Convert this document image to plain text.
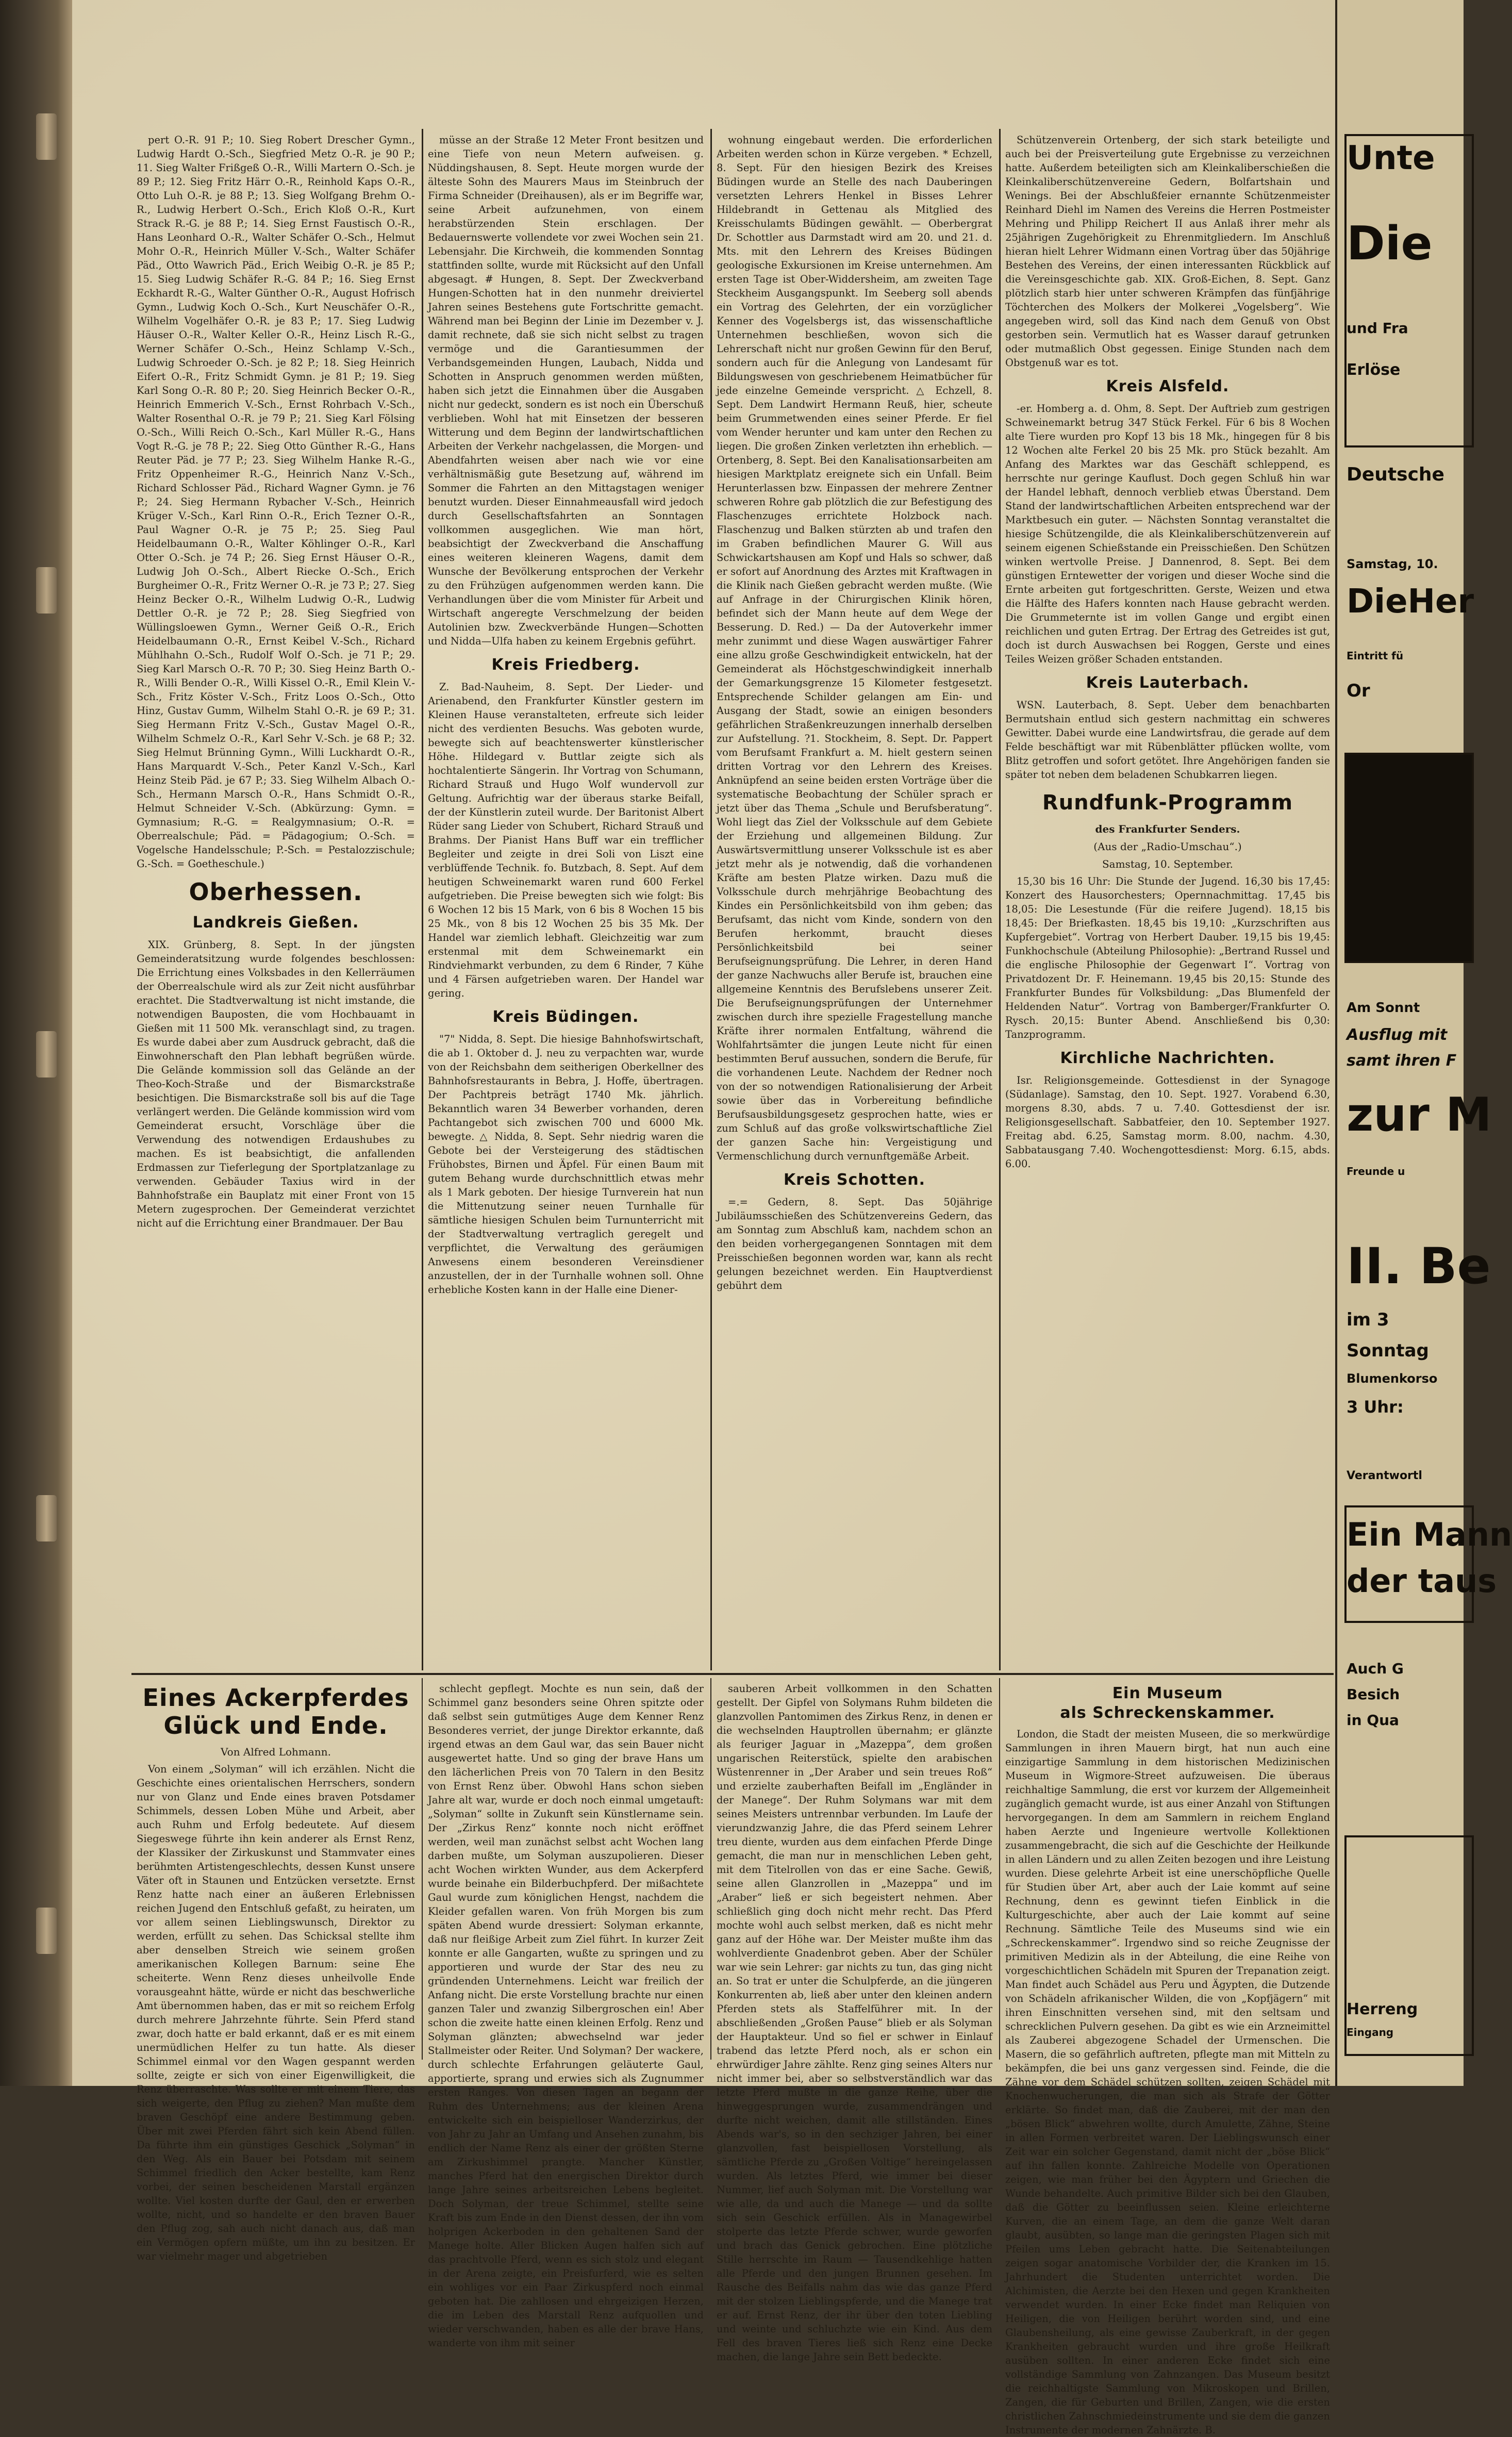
pert O.-R. 91 P.; 10. Sieg Robert Drescher Gymn., Ludwig Hardt O.-Sch., Siegfried Metz O.-R. je 90 P.; 11. Sieg Walter Frißgeß O.-R., Willi Martern O.-Sch. je 89 P.; 12. Sieg Fritz Härr O.-R., Reinhold Kaps O.-R., Otto Luh O.-R. je 88 P.; 13. Sieg Wolfgang Brehm O.-R., Ludwig Herbert O.-Sch., Erich Kloß O.-R., Kurt Strack R.-G. je 88 P.; 14. Sieg Ernst Faustisch O.-R., Hans Leonhard O.-R., Walter Schäfer O.-Sch., Helmut Mohr O.-R., Heinrich Müller V.-Sch., Walter Schäfer Päd., Otto Wawrich Päd., Erich Weibig O.-R. je 85 P.; 15. Sieg Ludwig Schäfer R.-G. 84 P.; 16. Sieg Ernst Eckhardt R.-G., Walter Günther O.-R., August Hofrisch Gymn., Ludwig Koch O.-Sch., Kurt Neuschäfer O.-R., Wilhelm Vogelhäfer O.-R. je 83 P.; 17. Sieg Ludwig Häuser O.-R., Walter Keller O.-R., Heinz Lisch R.-G., Werner Schäfer O.-Sch., Heinz Schlamp V.-Sch., Ludwig Schroeder O.-Sch. je 82 P.; 18. Sieg Heinrich Eifert O.-R., Fritz Schmidt Gymn. je 81 P.; 19. Sieg Karl Song O.-R. 80 P.; 20. Sieg Heinrich Becker O.-R., Heinrich Emmerich V.-Sch., Ernst Rohrbach V.-Sch., Walter Rosenthal O.-R. je 79 P.; 21. Sieg Karl Fölsing O.-Sch., Willi Reich O.-Sch., Karl Müller R.-G., Hans Vogt R.-G. je 78 P.; 22. Sieg Otto Günther R.-G., Hans Reuter Päd. je 77 P.; 23. Sieg Wilhelm Hanke R.-G., Fritz Oppenheimer R.-G., Heinrich Nanz V.-Sch., Richard Schlosser Päd., Richard Wagner Gymn. je 76 P.; 24. Sieg Hermann Rybacher V.-Sch., Heinrich Krüger V.-Sch., Karl Rinn O.-R., Erich Tezner O.-R., Paul Wagner O.-R. je 75 P.; 25. Sieg Paul Heidelbaumann O.-R., Walter Köhlinger O.-R., Karl Otter O.-Sch. je 74 P.; 26. Sieg Ernst Häuser O.-R., Ludwig Joh O.-Sch., Albert Riecke O.-Sch., Erich Burgheimer O.-R., Fritz Werner O.-R. je 73 P.; 27. Sieg Heinz Becker O.-R., Wilhelm Ludwig O.-R., Ludwig Dettler O.-R. je 72 P.; 28. Sieg Siegfried von Wüllingsloewen Gymn., Werner Geiß O.-R., Erich Heidelbaumann O.-R., Ernst Keibel V.-Sch., Richard Mühlhahn O.-Sch., Rudolf Wolf O.-Sch. je 71 P.; 29. Sieg Karl Marsch O.-R. 70 P.; 30. Sieg Heinz Barth O.-R., Willi Bender O.-R., Willi Kissel O.-R., Emil Klein V.-Sch., Fritz Köster V.-Sch., Fritz Loos O.-Sch., Otto Hinz, Gustav Gumm, Wilhelm Stahl O.-R. je 69 P.; 31. Sieg Hermann Fritz V.-Sch., Gustav Magel O.-R., Wilhelm Schmelz O.-R., Karl Sehr V.-Sch. je 68 P.; 32. Sieg Helmut Brünning Gymn., Willi Luckhardt O.-R., Hans Marquardt V.-Sch., Peter Kanzl V.-Sch., Karl Heinz Steib Päd. je 67 P.; 33. Sieg Wilhelm Albach O.-Sch., Hermann Marsch O.-R., Hans Schmidt O.-R., Helmut Schneider V.-Sch. (Abkürzung: Gymn. = Gymnasium; R.-G. = Realgymnasium; O.-R. = Oberrealschule; Päd. = Pädagogium; O.-Sch. = Vogelsche Handelsschule; P.-Sch. = Pestalozzischule; G.-Sch. = Goetheschule.)

Oberhessen.
Landkreis Gießen.

XIX. Grünberg, 8. Sept. In der jüngsten Gemeinderatsitzung wurde folgendes beschlossen: Die Errichtung eines Volksbades in den Kellerräumen der Oberrealschule wird als zur Zeit nicht ausführbar erachtet. Die Stadtverwaltung ist nicht imstande, die notwendigen Bauposten, die vom Hochbauamt in Gießen mit 11 500 Mk. veranschlagt sind, zu tragen. Es wurde dabei aber zum Ausdruck gebracht, daß die Einwohnerschaft den Plan lebhaft begrüßen würde. Die Gelände kommission soll das Gelände an der Theo-Koch-Straße und der Bismarckstraße besichtigen. Die Bismarckstraße soll bis auf die Tage verlängert werden. Die Gelände kommission wird vom Gemeinderat ersucht, Vorschläge über die Verwendung des notwendigen Erdaushubes zu machen. Es ist beabsichtigt, die anfallenden Erdmassen zur Tieferlegung der Sportplatzanlage zu verwenden. Gebäuder Taxius wird in der Bahnhofstraße ein Bauplatz mit einer Front von 15 Metern zugesprochen. Der Gemeinderat verzichtet nicht auf die Errichtung einer Brandmauer. Der Bau

müsse an der Straße 12 Meter Front besitzen und eine Tiefe von neun Metern aufweisen. g. Nüddingshausen, 8. Sept. Heute morgen wurde der älteste Sohn des Maurers Maus im Steinbruch der Firma Schneider (Dreihausen), als er im Begriffe war, seine Arbeit aufzunehmen, von einem herabstürzenden Stein erschlagen. Der Bedauernswerte vollendete vor zwei Wochen sein 21. Lebensjahr. Die Kirchweih, die kommenden Sonntag stattfinden sollte, wurde mit Rücksicht auf den Unfall abgesagt. # Hungen, 8. Sept. Der Zweckverband Hungen-Schotten hat in den nunmehr dreiviertel Jahren seines Bestehens gute Fortschritte gemacht. Während man bei Beginn der Linie im Dezember v. J. damit rechnete, daß sie sich nicht selbst zu tragen vermöge und die Garantiesummen der Verbandsgemeinden Hungen, Laubach, Nidda und Schotten in Anspruch genommen werden müßten, haben sich jetzt die Einnahmen über die Ausgaben nicht nur gedeckt, sondern es ist noch ein Überschuß verblieben. Wohl hat mit Einsetzen der besseren Witterung und dem Beginn der landwirtschaftlichen Arbeiten der Verkehr nachgelassen, die Morgen- und Abendfahrten weisen aber nach wie vor eine verhältnismäßig gute Besetzung auf, während im Sommer die Fahrten an den Mittagstagen weniger benutzt wurden. Dieser Einnahmeausfall wird jedoch durch Gesellschaftsfahrten an Sonntagen vollkommen ausgeglichen. Wie man hört, beabsichtigt der Zweckverband die Anschaffung eines weiteren kleineren Wagens, damit dem Wunsche der Bevölkerung entsprochen der Verkehr zu den Frühzügen aufgenommen werden kann. Die Verhandlungen über die vom Minister für Arbeit und Wirtschaft angeregte Verschmelzung der beiden Autolinien bzw. Zweckverbände Hungen—Schotten und Nidda—Ulfa haben zu keinem Ergebnis geführt.

Kreis Friedberg.

Z. Bad-Nauheim, 8. Sept. Der Lieder- und Arienabend, den Frankfurter Künstler gestern im Kleinen Hause veranstalteten, erfreute sich leider nicht des verdienten Besuchs. Was geboten wurde, bewegte sich auf beachtenswerter künstlerischer Höhe. Hildegard v. Buttlar zeigte sich als hochtalentierte Sängerin. Ihr Vortrag von Schumann, Richard Strauß und Hugo Wolf wundervoll zur Geltung. Aufrichtig war der überaus starke Beifall, der der Künstlerin zuteil wurde. Der Baritonist Albert Rüder sang Lieder von Schubert, Richard Strauß und Brahms. Der Pianist Hans Buff war ein trefflicher Begleiter und zeigte in drei Soli von Liszt eine verblüffende Technik. fo. Butzbach, 8. Sept. Auf dem heutigen Schweinemarkt waren rund 600 Ferkel aufgetrieben. Die Preise bewegten sich wie folgt: Bis 6 Wochen 12 bis 15 Mark, von 6 bis 8 Wochen 15 bis 25 Mk., von 8 bis 12 Wochen 25 bis 35 Mk. Der Handel war ziemlich lebhaft. Gleichzeitig war zum erstenmal mit dem Schweinemarkt ein Rindviehmarkt verbunden, zu dem 6 Rinder, 7 Kühe und 4 Färsen aufgetrieben waren. Der Handel war gering.

Kreis Büdingen.

"7" Nidda, 8. Sept. Die hiesige Bahnhofswirtschaft, die ab 1. Oktober d. J. neu zu verpachten war, wurde von der Reichsbahn dem seitherigen Oberkellner des Bahnhofsrestaurants in Bebra, J. Hoffe, übertragen. Der Pachtpreis beträgt 1740 Mk. jährlich. Bekanntlich waren 34 Bewerber vorhanden, deren Pachtangebot sich zwischen 700 und 6000 Mk. bewegte. △ Nidda, 8. Sept. Sehr niedrig waren die Gebote bei der Versteigerung des städtischen Frühobstes, Birnen und Äpfel. Für einen Baum mit gutem Behang wurde durchschnittlich etwas mehr als 1 Mark geboten. Der hiesige Turnverein hat nun die Mittenutzung seiner neuen Turnhalle für sämtliche hiesigen Schulen beim Turnunterricht mit der Stadtverwaltung vertraglich geregelt und verpflichtet, die Verwaltung des geräumigen Anwesens einem besonderen Vereinsdiener anzustellen, der in der Turnhalle wohnen soll. Ohne erhebliche Kosten kann in der Halle eine Diener-

wohnung eingebaut werden. Die erforderlichen Arbeiten werden schon in Kürze vergeben. * Echzell, 8. Sept. Für den hiesigen Bezirk des Kreises Büdingen wurde an Stelle des nach Dauberingen versetzten Lehrers Henkel in Bisses Lehrer Hildebrandt in Gettenau als Mitglied des Kreisschulamts Büdingen gewählt. — Oberbergrat Dr. Schottler aus Darmstadt wird am 20. und 21. d. Mts. mit den Lehrern des Kreises Büdingen geologische Exkursionen im Kreise unternehmen. Am ersten Tage ist Ober-Widdersheim, am zweiten Tage Steckheim Ausgangspunkt. Im Seeberg soll abends ein Vortrag des Gelehrten, der ein vorzüglicher Kenner des Vogelsbergs ist, das wissenschaftliche Unternehmen beschließen, wovon sich die Lehrerschaft nicht nur großen Gewinn für den Beruf, sondern auch für die Anlegung von Landesamt für Bildungswesen von geschriebenem Heimatbücher für jede einzelne Gemeinde verspricht. △ Echzell, 8. Sept. Dem Landwirt Hermann Reuß, hier, scheute beim Grummetwenden eines seiner Pferde. Er fiel vom Wender herunter und kam unter den Rechen zu liegen. Die großen Zinken verletzten ihn erheblich. — Ortenberg, 8. Sept. Bei den Kanalisationsarbeiten am hiesigen Marktplatz ereignete sich ein Unfall. Beim Herunterlassen bzw. Einpassen der mehrere Zentner schweren Rohre gab plötzlich die zur Befestigung des Flaschenzuges errichtete Holzbock nach. Flaschenzug und Balken stürzten ab und trafen den im Graben befindlichen Maurer G. Will aus Schwickartshausen am Kopf und Hals so schwer, daß er sofort auf Anordnung des Arztes mit Kraftwagen in die Klinik nach Gießen gebracht werden mußte. (Wie auf Anfrage in der Chirurgischen Klinik hören, befindet sich der Mann heute auf dem Wege der Besserung. D. Red.) — Da der Autoverkehr immer mehr zunimmt und diese Wagen auswärtiger Fahrer eine allzu große Geschwindigkeit entwickeln, hat der Gemeinderat als Höchstgeschwindigkeit innerhalb der Gemarkungsgrenze 15 Kilometer festgesetzt. Entsprechende Schilder gelangen am Ein- und Ausgang der Stadt, sowie an einigen besonders gefährlichen Straßenkreuzungen innerhalb derselben zur Aufstellung. ?1. Stockheim, 8. Sept. Dr. Pappert vom Berufsamt Frankfurt a. M. hielt gestern seinen dritten Vortrag vor den Lehrern des Kreises. Anknüpfend an seine beiden ersten Vorträge über die systematische Beobachtung der Schüler sprach er jetzt über das Thema „Schule und Berufsberatung“. Wohl liegt das Ziel der Volksschule auf dem Gebiete der Erziehung und allgemeinen Bildung. Zur Auswärtsvermittlung unserer Volksschule ist es aber jetzt mehr als je notwendig, daß die vorhandenen Kräfte am besten Platze wirken. Dazu muß die Volksschule durch mehrjährige Beobachtung des Kindes ein Persönlichkeitsbild von ihm geben; das Berufsamt, das nicht vom Kinde, sondern von den Berufen herkommt, braucht dieses Persönlichkeitsbild bei seiner Berufseignungsprüfung. Die Lehrer, in deren Hand der ganze Nachwuchs aller Berufe ist, brauchen eine allgemeine Kenntnis des Berufslebens unserer Zeit. Die Berufseignungsprüfungen der Unternehmer zwischen durch ihre spezielle Fragestellung manche Kräfte ihrer normalen Entfaltung, während die Wohlfahrtsämter die jungen Leute nicht für einen bestimmten Beruf aussuchen, sondern die Berufe, für die vorhandenen Leute. Nachdem der Redner noch von der so notwendigen Rationalisierung der Arbeit sowie über das in Vorbereitung befindliche Berufsausbildungsgesetz gesprochen hatte, wies er zum Schluß auf das große volkswirtschaftliche Ziel der ganzen Sache hin: Vergeistigung und Vermenschlichung durch vernunftgemäße Arbeit.

Kreis Schotten.

=.= Gedern, 8. Sept. Das 50jährige Jubiläumsschießen des Schützenvereins Gedern, das am Sonntag zum Abschluß kam, nachdem schon an den beiden vorhergegangenen Sonntagen mit dem Preisschießen begonnen worden war, kann als recht gelungen bezeichnet werden. Ein Hauptverdienst gebührt dem

Schützenverein Ortenberg, der sich stark beteiligte und auch bei der Preisverteilung gute Ergebnisse zu verzeichnen hatte. Außerdem beteiligten sich am Kleinkaliberschießen die Kleinkaliberschützenvereine Gedern, Bolfartshain und Wenings. Bei der Abschlußfeier ernannte Schützenmeister Reinhard Diehl im Namen des Vereins die Herren Postmeister Mehring und Philipp Reichert II aus Anlaß ihrer mehr als 25jährigen Zugehörigkeit zu Ehrenmitgliedern. Im Anschluß hieran hielt Lehrer Widmann einen Vortrag über das 50jährige Bestehen des Vereins, der einen interessanten Rückblick auf die Vereinsgeschichte gab. XIX. Groß-Eichen, 8. Sept. Ganz plötzlich starb hier unter schweren Krämpfen das fünfjährige Töchterchen des Molkers der Molkerei „Vogelsberg“. Wie angegeben wird, soll das Kind nach dem Genuß von Obst gestorben sein. Vermutlich hat es Wasser darauf getrunken oder mutmaßlich Obst gegessen. Einige Stunden nach dem Obstgenuß war es tot.

Kreis Alsfeld.

-er. Homberg a. d. Ohm, 8. Sept. Der Auftrieb zum gestrigen Schweinemarkt betrug 347 Stück Ferkel. Für 6 bis 8 Wochen alte Tiere wurden pro Kopf 13 bis 18 Mk., hingegen für 8 bis 12 Wochen alte Ferkel 20 bis 25 Mk. pro Stück bezahlt. Am Anfang des Marktes war das Geschäft schleppend, es herrschte nur geringe Kauflust. Doch gegen Schluß hin war der Handel lebhaft, dennoch verblieb etwas Überstand. Dem Stand der landwirtschaftlichen Arbeiten entsprechend war der Marktbesuch ein guter. — Nächsten Sonntag veranstaltet die hiesige Schützengilde, die als Kleinkaliberschützenverein auf seinem eigenen Schießstande ein Preisschießen. Den Schützen winken wertvolle Preise. J Dannenrod, 8. Sept. Bei dem günstigen Erntewetter der vorigen und dieser Woche sind die Ernte arbeiten gut fortgeschritten. Gerste, Weizen und etwa die Hälfte des Hafers konnten nach Hause gebracht werden. Die Grummeternte ist im vollen Gange und ergibt einen reichlichen und guten Ertrag. Der Ertrag des Getreides ist gut, doch ist durch Auswachsen bei Roggen, Gerste und eines Teiles Weizen größer Schaden entstanden.

Kreis Lauterbach.

WSN. Lauterbach, 8. Sept. Ueber dem benachbarten Bermutshain entlud sich gestern nachmittag ein schweres Gewitter. Dabei wurde eine Landwirtsfrau, die gerade auf dem Felde beschäftigt war mit Rübenblätter pflücken wollte, vom Blitz getroffen und sofort getötet. Ihre Angehörigen fanden sie später tot neben dem beladenen Schubkarren liegen.

Rundfunk-Programm
des Frankfurter Senders.
(Aus der „Radio-Umschau“.)
Samstag, 10. September.

15,30 bis 16 Uhr: Die Stunde der Jugend. 16,30 bis 17,45: Konzert des Hausorchesters; Opernnachmittag. 17,45 bis 18,05: Die Lesestunde (Für die reifere Jugend). 18,15 bis 18,45: Der Briefkasten. 18,45 bis 19,10: „Kurzschriften aus Kupfergebiet“. Vortrag von Herbert Dauber. 19,15 bis 19,45: Funkhochschule (Abteilung Philosophie): „Bertrand Russel und die englische Philosophie der Gegenwart I“. Vortrag von Privatdozent Dr. F. Heinemann. 19,45 bis 20,15: Stunde des Frankfurter Bundes für Volksbildung: „Das Blumenfeld der Heldenden Natur“. Vortrag von Bamberger/Frankfurter O. Rysch. 20,15: Bunter Abend. Anschließend bis 0,30: Tanzprogramm.

Kirchliche Nachrichten.

Isr. Religionsgemeinde. Gottesdienst in der Synagoge (Südanlage). Samstag, den 10. Sept. 1927. Vorabend 6.30, morgens 8.30, abds. 7 u. 7.40. Gottesdienst der isr. Religionsgesellschaft. Sabbatfeier, den 10. September 1927. Freitag abd. 6.25, Samstag morm. 8.00, nachm. 4.30, Sabbatausgang 7.40. Wochengottesdienst: Morg. 6.15, abds. 6.00.

Eines Ackerpferdes
Glück und Ende.
Von Alfred Lohmann.

Von einem „Solyman“ will ich erzählen. Nicht die Geschichte eines orientalischen Herrschers, sondern nur von Glanz und Ende eines braven Potsdamer Schimmels, dessen Loben Mühe und Arbeit, aber auch Ruhm und Erfolg bedeutete. Auf diesem Siegeswege führte ihn kein anderer als Ernst Renz, der Klassiker der Zirkuskunst und Stammvater eines berühmten Artistengeschlechts, dessen Kunst unsere Väter oft in Staunen und Entzücken versetzte. Ernst Renz hatte nach einer an äußeren Erlebnissen reichen Jugend den Entschluß gefaßt, zu heiraten, um vor allem seinen Lieblingswunsch, Direktor zu werden, erfüllt zu sehen. Das Schicksal stellte ihm aber denselben Streich wie seinem großen amerikanischen Kollegen Barnum: seine Ehe scheiterte. Wenn Renz dieses unheilvolle Ende vorausgeahnt hätte, würde er nicht das beschwerliche Amt übernommen haben, das er mit so reichem Erfolg durch mehrere Jahrzehnte führte. Sein Pferd stand zwar, doch hatte er bald erkannt, daß er es mit einem unermüdlichen Helfer zu tun hatte. Als dieser Schimmel einmal vor den Wagen gespannt werden sollte, zeigte er sich von einer Eigenwilligkeit, die Renz überraschte. Was sollte er mit einem Tiere, das sich weigerte, den Pflug zu ziehen? Man mußte dem braven Geschöpf eine andere Bestimmung geben. Über mit zwei Pferden fährt sich kein Abend füllen. Da führte ihm ein günstiges Geschick „Solyman“ in den Weg. Als ein Bauer bei Potsdam mit seinem Schimmel friedlich den Acker bestellte, kam Renz vorbei, der seinen bescheidenen Marstall ergänzen wollte. Viel kosten durfte der Gaul, den er erwerben wollte, nicht, und so handelte er den braven Bauer den Pflug zog, sah auch nicht danach aus, daß man ein Vermögen opfern müßte, um ihn zu besitzen. Er war vielmehr mager und abgetrieben

schlecht gepflegt. Mochte es nun sein, daß der Schimmel ganz besonders seine Ohren spitzte oder daß selbst sein gutmütiges Auge dem Kenner Renz Besonderes verriet, der junge Direktor erkannte, daß irgend etwas an dem Gaul war, das sein Bauer nicht ausgewertet hatte. Und so ging der brave Hans um den lächerlichen Preis von 70 Talern in den Besitz von Ernst Renz über. Obwohl Hans schon sieben Jahre alt war, wurde er doch noch einmal umgetauft: „Solyman“ sollte in Zukunft sein Künstlername sein. Der „Zirkus Renz“ konnte noch nicht eröffnet werden, weil man zunächst selbst acht Wochen lang darben mußte, um Solyman auszupolieren. Dieser acht Wochen wirkten Wunder, aus dem Ackerpferd wurde beinahe ein Bilderbuchpferd. Der mißachtete Gaul wurde zum königlichen Hengst, nachdem die Kleider gefallen waren. Von früh Morgen bis zum späten Abend wurde dressiert: Solyman erkannte, daß nur fleißige Arbeit zum Ziel führt. In kurzer Zeit konnte er alle Gangarten, wußte zu springen und zu apportieren und wurde der Star des neu zu gründenden Unternehmens. Leicht war freilich der Anfang nicht. Die erste Vorstellung brachte nur einen ganzen Taler und zwanzig Silbergroschen ein! Aber schon die zweite hatte einen kleinen Erfolg. Renz und Solyman glänzten; abwechselnd war jeder Stallmeister oder Reiter. Und Solyman? Der wackere, durch schlechte Erfahrungen geläuterte Gaul, apportierte, sprang und erwies sich als Zugnummer ersten Ranges. Von diesen Tagen an begann der Ruhm des Unternehmens; aus der kleinen Arena entwickelte sich ein beispielloser Wanderzirkus, der von Jahr zu Jahr an Umfang und Ansehen zunahm, bis endlich der Name Renz als einer der größten Sterne am Zirkushimmel prangte. Mancher Künstler, manches Pferd hat den energischen Direktor durch lange Jahre seines arbeitsreichen Lebens begleitet. Doch Solyman, der treue Schimmel, stellte seine Kraft bis zum Ende in den Dienst dessen, der ihn vom holprigen Ackerboden in den gehaltenen Sand der Manege holte. Aller Blicken Augen halfen sich auf das prachtvolle Pferd, wenn es sich stolz und elegant in der Arena zeigte, ein Preisfurferd, wie es selten ein wohliges vor ein Paar Zirkuspferd noch einmal geboten hat. Die zahllosen und ehrgeizigen Herzen, die im Leben des Marstall Renz aufquollen und wieder verschwanden, haben es alle der brave Hans, wanderte von ihm mit seiner

sauberen Arbeit vollkommen in den Schatten gestellt. Der Gipfel von Solymans Ruhm bildeten die glanzvollen Pantomimen des Zirkus Renz, in denen er die wechselnden Hauptrollen übernahm; er glänzte als feuriger Jaguar in „Mazeppa“, dem großen ungarischen Reiterstück, spielte den arabischen Wüstenrenner in „Der Araber und sein treues Roß“ und erzielte zauberhaften Beifall im „Engländer in der Manege“. Der Ruhm Solymans war mit dem seines Meisters untrennbar verbunden. Im Laufe der vierundzwanzig Jahre, die das Pferd seinem Lehrer treu diente, wurden aus dem einfachen Pferde Dinge gemacht, die man nur in menschlichen Leben geht, mit dem Titelrollen von das er eine Sache. Gewiß, seine allen Glanzrollen in „Mazeppa“ und im „Araber“ ließ er sich begeistert nehmen. Aber schließlich ging doch nicht mehr recht. Das Pferd mochte wohl auch selbst merken, daß es nicht mehr ganz auf der Höhe war. Der Meister mußte ihm das wohlverdiente Gnadenbrot geben. Aber der Schüler war wie sein Lehrer: gar nichts zu tun, das ging nicht an. So trat er unter die Schulpferde, an die jüngeren Konkurrenten ab, ließ aber unter den kleinen andern Pferden stets als Staffelführer mit. In der abschließenden „Großen Pause“ blieb er als Solyman der Hauptakteur. Und so fiel er schwer in Einlauf trabend das letzte Pferd noch, als er schon ein ehrwürdiger Jahre zählte. Renz ging seines Alters nur nicht immer bei, aber so selbstverständlich war das letzte Pferd mußte in die ganze Reihe, über die hinweggesprungen wurde, zusammendrängen und durfte nicht weichen, damit alle stillständen. Eines Abends war's, so in den sechziger Jahren, bei einer glanzvollen, fast beispiellosen Vorstellung, als sämtliche Pferde zu „Großen Voltige“ hereingelassen wurden. Als letztes Pferd, wie immer bei dieser Nummer, lief auch Solyman mit. Die Vorstellung war wie alle, da und auch die Manege — und da sollte sich sein Geschick erfüllen. Als in Managewirbel stolperte das letzte Pferde schwer, wurde geworfen und brach das Genick gebrochen. Eine plötzliche Stille herrschte im Raum — Tausendkehlige hatten alle Pferde und den jungen Brunnen gesehen. Im Rausche des Beifalls nahm das wie das ganze Pferd mit der stolzen Lieblingspferde, und die Manege trat er auf. Ernst Renz, der ihr über den toten Liebling und weinte und schluchzte wie ein Kind. Aus dem Fell des braven Tieres ließ sich Renz eine Decke machen, die lange Jahre sein Bett bedeckte.

Ein Museum
als Schreckenskammer.

London, die Stadt der meisten Museen, die so merkwürdige Sammlungen in ihren Mauern birgt, hat nun auch eine einzigartige Sammlung in dem historischen Medizinischen Museum in Wigmore-Street aufzuweisen. Die überaus reichhaltige Sammlung, die erst vor kurzem der Allgemeinheit zugänglich gemacht wurde, ist aus einer Anzahl von Stiftungen hervorgegangen. In dem am Sammlern in reichem England haben Aerzte und Ingenieure wertvolle Kollektionen zusammengebracht, die sich auf die Geschichte der Heilkunde in allen Ländern und zu allen Zeiten bezogen und ihre Leistung wurden. Diese gelehrte Arbeit ist eine unerschöpfliche Quelle für Studien über Art, aber auch der Laie kommt auf seine Rechnung, denn es gewinnt tiefen Einblick in die Kulturgeschichte, aber auch der Laie kommt auf seine Rechnung. Sämtliche Teile des Museums sind wie ein „Schreckenskammer“. Irgendwo sind so reiche Zeugnisse der primitiven Medizin als in der Abteilung, die eine Reihe von vorgeschichtlichen Schädeln mit Spuren der Trepanation zeigt. Man findet auch Schädel aus Peru und Ägypten, die Dutzende von Schädeln afrikanischer Wilden, die von „Kopfjägern“ mit ihren Einschnitten versehen sind, mit den seltsam und schrecklichen Pulvern gesehen. Da gibt es wie ein Arzneimittel als Zauberei abgezogene Schadel der Urmenschen. Die Masern, die so gefährlich auftreten, pflegte man mit Mitteln zu bekämpfen, die bei uns ganz vergessen sind. Feinde, die die Zähne vor dem Schädel schützen sollten, zeigen Schädel mit Knochenwucherungen, die man sich als Strafe der Götter erklärte. So findet man, daß die Zauberei, mit der man den „bösen Blick“ abwehren wollte, durch Amulette, Zähne, Steine in allen Formen verbreitet waren. Der Lieblingswunsch einer Zeit war ein solcher Gegenstand, damit nicht der „böse Blick“ auf ihn fallen konnte. Zahlreiche Modelle von Operationen zeigen, wie man früher bei den Ägyptern und Griechen die Wunde behandelte. Auch primitive Bilder sich bei den Glauben, daß die Götter zu beeinflussen seien. Kleine erleichterne Kurven, die an einem Tage, an dem die ganze Welt daran glaubt, ausübten, so lange man die geringsten Plagen sich mit Pfeilen ums Leben gebracht hatte. Die Seitenabteilungen zeigen sogar anatomische Vorbilder der, die Kranken im 15. Jahrhundert die Studenten unterrichtet worden. Die Alchimisten, die Aerzte bei den Hexen und gegen Krankheiten verwendet wurden. In einer Ecke findet man Reliquien von Heiligen, die von Heiligen berührt worden sind, und eine Glaubensheilung, als eine gewisse Zauberkraft, in der gegen Krankheiten gebraucht wurden und ihre große Heilkraft ausüben sollten. In einer anderen Ecke findet sich eine vollständige Sammlung von Zahnzangen. Das Museum besitzt die reichhaltigste Sammlung von Mikroskopen und Brillen, Zangen, die für Geburten und Brillen, Zangen, wie die ersten christlichen Zahnschmiedeinstrumente und sie dem die ganzen Instrumente der modernen Zahnärzte. B.

Unte
Die
und Fra
Erlöse
Deutsche
Samstag, 10.
DieHer
Eintritt fü
Or
Am Sonnt
Ausflug mit
samt ihren F
zur M
Freunde u
II. Be
im 3
Sonntag
Blumenkorso
3 Uhr:
Verantwortl
Ein Mann
der taus
Auch G
Besich
in Qua
Herreng
Eingang
